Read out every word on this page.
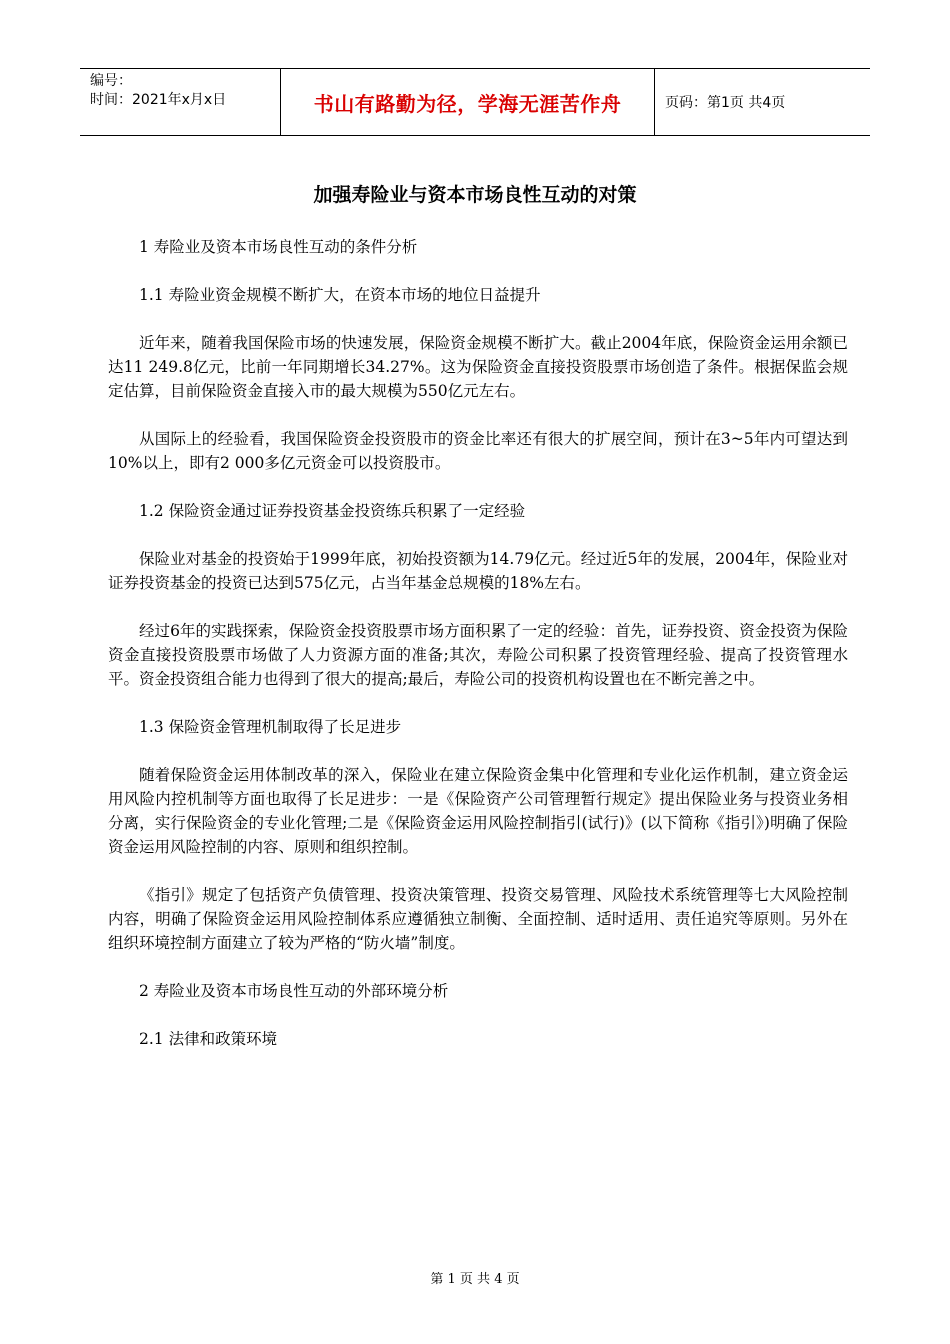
编号：
时间：2021年x月x日	书山有路勤为径，学海无涯苦作舟	页码：第1页 共4页
加强寿险业与资本市场良性互动的对策

1 寿险业及资本市场良性互动的条件分析

1.1 寿险业资金规模不断扩大，在资本市场的地位日益提升

近年来，随着我国保险市场的快速发展，保险资金规模不断扩大。截止2004年底，保险资金运用余额已达11 249.8亿元，比前一年同期增长34.27%。这为保险资金直接投资股票市场创造了条件。根据保监会规定估算，目前保险资金直接入市的最大规模为550亿元左右。

从国际上的经验看，我国保险资金投资股市的资金比率还有很大的扩展空间，预计在3~5年内可望达到10%以上，即有2 000多亿元资金可以投资股市。

1.2 保险资金通过证券投资基金投资练兵积累了一定经验

保险业对基金的投资始于1999年底，初始投资额为14.79亿元。经过近5年的发展，2004年，保险业对证券投资基金的投资已达到575亿元，占当年基金总规模的18%左右。

经过6年的实践探索，保险资金投资股票市场方面积累了一定的经验：首先，证券投资、资金投资为保险资金直接投资股票市场做了人力资源方面的准备;其次，寿险公司积累了投资管理经验、提高了投资管理水平。资金投资组合能力也得到了很大的提高;最后，寿险公司的投资机构设置也在不断完善之中。

1.3 保险资金管理机制取得了长足进步

随着保险资金运用体制改革的深入，保险业在建立保险资金集中化管理和专业化运作机制，建立资金运用风险内控机制等方面也取得了长足进步：一是《保险资产公司管理暂行规定》提出保险业务与投资业务相分离，实行保险资金的专业化管理;二是《保险资金运用风险控制指引(试行)》(以下简称《指引》)明确了保险资金运用风险控制的内容、原则和组织控制。

《指引》规定了包括资产负债管理、投资决策管理、投资交易管理、风险技术系统管理等七大风险控制内容，明确了保险资金运用风险控制体系应遵循独立制衡、全面控制、适时适用、责任追究等原则。另外在组织环境控制方面建立了较为严格的“防火墙”制度。

2 寿险业及资本市场良性互动的外部环境分析

2.1 法律和政策环境

第 1 页 共 4 页
